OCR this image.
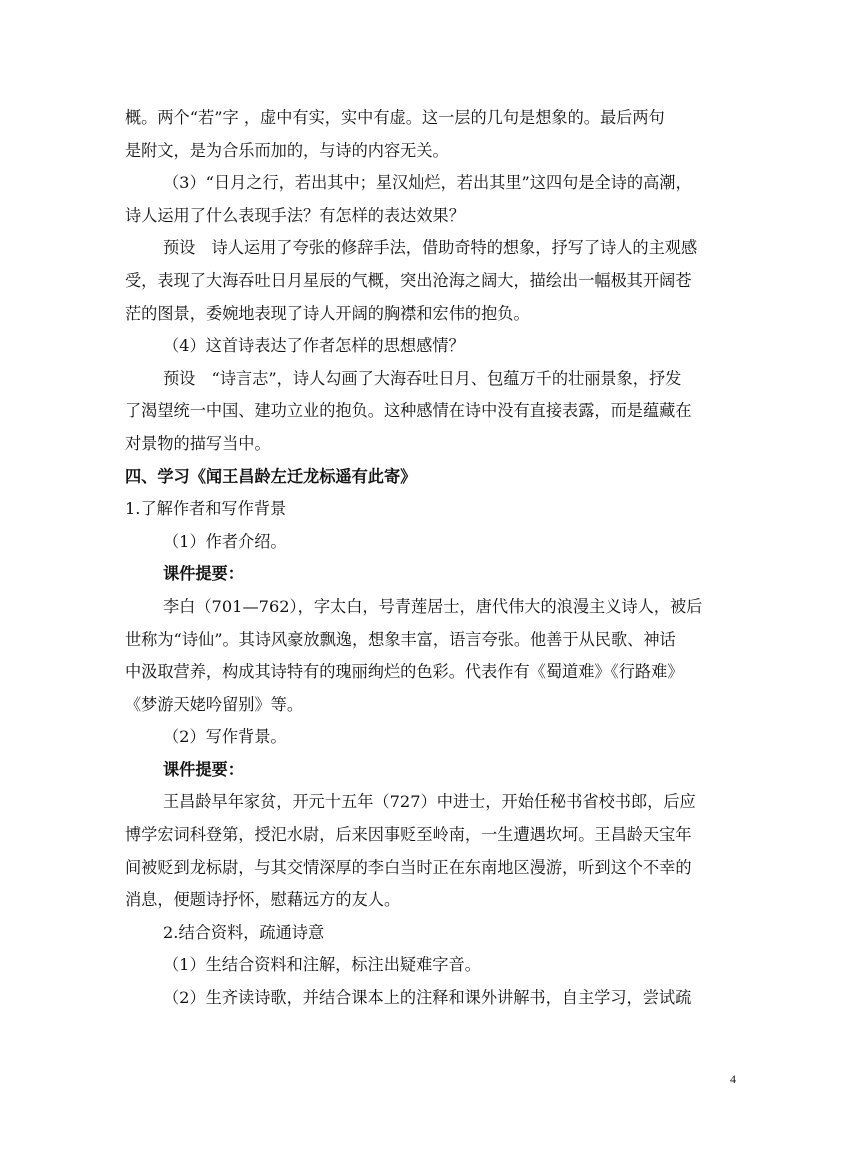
概。两个“若”字 ，虚中有实，实中有虚。这一层的几句是想象的。最后两句
是附文，是为合乐而加的，与诗的内容无关。
（3）“日月之行，若出其中；星汉灿烂，若出其里”这四句是全诗的高潮，
诗人运用了什么表现手法？有怎样的表达效果？
预设　诗人运用了夸张的修辞手法，借助奇特的想象，抒写了诗人的主观感
受，表现了大海吞吐日月星辰的气概，突出沧海之阔大，描绘出一幅极其开阔苍
茫的图景，委婉地表现了诗人开阔的胸襟和宏伟的抱负。
（4）这首诗表达了作者怎样的思想感情？
预设　“诗言志”，诗人勾画了大海吞吐日月、包蕴万千的壮丽景象，抒发
了渴望统一中国、建功立业的抱负。这种感情在诗中没有直接表露，而是蕴藏在
对景物的描写当中。
四、学习《闻王昌龄左迁龙标遥有此寄》
1.了解作者和写作背景
（1）作者介绍。
课件提要：
李白（701—762），字太白，号青莲居士，唐代伟大的浪漫主义诗人，被后
世称为“诗仙”。其诗风豪放飘逸，想象丰富，语言夸张。他善于从民歌、神话
中汲取营养，构成其诗特有的瑰丽绚烂的色彩。代表作有《蜀道难》《行路难》
《梦游天姥吟留别》等。
（2）写作背景。
课件提要：
王昌龄早年家贫，开元十五年（727）中进士，开始任秘书省校书郎，后应
博学宏词科登第，授汜水尉，后来因事贬至岭南，一生遭遇坎坷。王昌龄天宝年
间被贬到龙标尉，与其交情深厚的李白当时正在东南地区漫游，听到这个不幸的
消息，便题诗抒怀，慰藉远方的友人。
2.结合资料，疏通诗意
（1）生结合资料和注解，标注出疑难字音。
（2）生齐读诗歌，并结合课本上的注释和课外讲解书，自主学习，尝试疏
4
